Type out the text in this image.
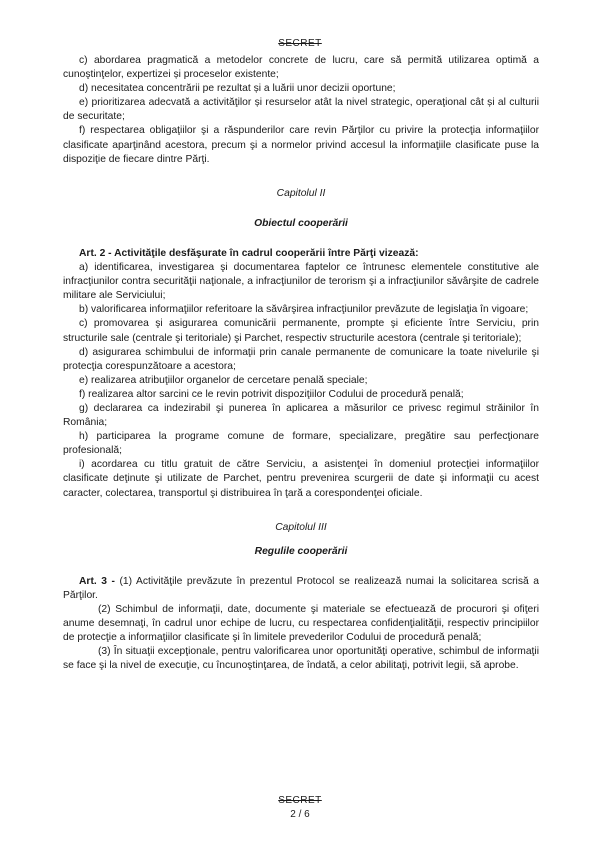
SECRET

c) abordarea pragmatică a metodelor concrete de lucru, care să permită utilizarea optimă a cunoştinţelor, expertizei și proceselor existente;

d) necesitatea concentrării pe rezultat și a luării unor decizii oportune;

e) prioritizarea adecvată a activităţilor și resurselor atât la nivel strategic, operaţional cât și al culturii de securitate;

f) respectarea obligaţiilor şi a răspunderilor care revin Părţilor cu privire la protecţia informaţiilor clasificate aparţinând acestora, precum şi a normelor privind accesul la informaţiile clasificate puse la dispoziţie de fiecare dintre Părţi.

Capitolul II

Obiectul cooperării

Art. 2 - Activităţile desfăşurate în cadrul cooperării între Părţi vizează:

a) identificarea, investigarea şi documentarea faptelor ce întrunesc elementele constitutive ale infracţiunilor contra securităţii naţionale, a infracţiunilor de terorism şi a infracţiunilor săvârşite de cadrele militare ale Serviciului;

b) valorificarea informaţiilor referitoare la săvârşirea infracţiunilor prevăzute de legislaţia în vigoare;

c) promovarea şi asigurarea comunicării permanente, prompte şi eficiente între Serviciu, prin structurile sale (centrale şi teritoriale) şi Parchet, respectiv structurile acestora (centrale şi teritoriale);

d) asigurarea schimbului de informaţii prin canale permanente de comunicare la toate nivelurile şi protecţia corespunzătoare a acestora;

e) realizarea atribuţiilor organelor de cercetare penală speciale;

f) realizarea altor sarcini ce le revin potrivit dispoziţiilor Codului de procedură penală;

g) declararea ca indezirabil şi punerea în aplicarea a măsurilor ce privesc regimul străinilor în România;

h) participarea la programe comune de formare, specializare, pregătire sau perfecţionare profesională;

i) acordarea cu titlu gratuit de către Serviciu, a asistenţei în domeniul protecţiei informaţiilor clasificate deţinute şi utilizate de Parchet, pentru prevenirea scurgerii de date şi informaţii cu acest caracter, colectarea, transportul şi distribuirea în ţară a corespondenţei oficiale.

Capitolul III

Regulile cooperării

Art. 3 - (1) Activităţile prevăzute în prezentul Protocol se realizează numai la solicitarea scrisă a Părţilor.

(2) Schimbul de informaţii, date, documente şi materiale se efectuează de procurori şi ofiţeri anume desemnaţi, în cadrul unor echipe de lucru, cu respectarea confidenţialităţii, respectiv principiilor de protecţie a informaţiilor clasificate şi în limitele prevederilor Codului de procedură penală;

(3) În situaţii excepţionale, pentru valorificarea unor oportunităţi operative, schimbul de informaţii se face şi la nivel de execuţie, cu încunoştinţarea, de îndată, a celor abilitaţi, potrivit legii, să aprobe.

SECRET
2 / 6
